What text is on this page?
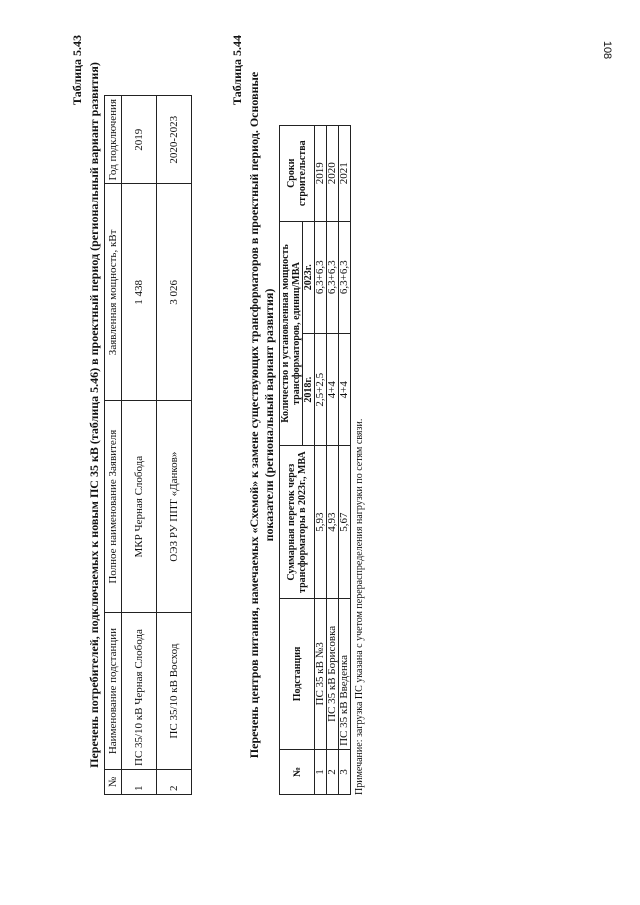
108
Таблица 5.43 Перечень потребителей, подключаемых к новым ПС 35 кВ (таблица 5.46) в проектный период (региональный вариант развития)
№	Наименование подстанции	Полное наименование Заявителя	Заявленная мощность, кВт	Год подключения
1	ПС 35/10 кВ Черная Слобода	МКР Черная Слобода	1 438	2019
2	ПС 35/10 кВ Восход	ОЭЗ РУ ППТ «Данков»	3 026	2020-2023
Таблица 5.44
Перечень центров питания, намечаемых «Схемой» к замене существующих трансформаторов в проектный период. Основные показатели (региональный вариант развития)
№	Подстанция	Суммарная переток через трансформаторы в 2023г., МВА	Количество и установленная мощность трансформаторов, единиц/МВА		Сроки строительства
			2018г.	2023г.	
1	ПС 35 кВ №3	5,93	2,5+2,5	6,3+6,3	2019
2	ПС 35 кВ Борисовка	4,93	4+4	6,3+6,3	2020
3	ПС 35 кВ Введенка	5,67	4+4	6,3+6,3	2021
Примечание: загрузка ПС указана с учетом перераспределения нагрузки по сетям связи.
